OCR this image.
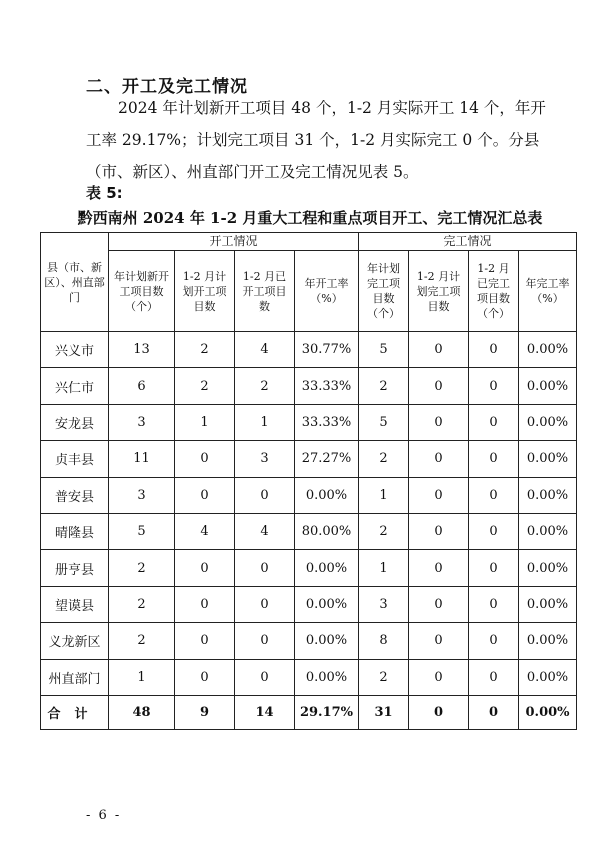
二、开工及完工情况

2024 年计划新开工项目 48 个，1-2 月实际开工 14 个，年开

工率 29.17%；计划完工项目 31 个，1-2 月实际完工 0 个。分县

（市、新区）、州直部门开工及完工情况见表 5。

表 5:
黔西南州 2024 年 1-2 月重大工程和重点项目开工、完工情况汇总表
县（市、新区）、州直部门	开工情况				完工情况			

	年计划新开工项目数（个）	1-2 月计划开工项目数	1-2 月已开工项目数	年开工率（%）	年计划完工项目数（个）	1-2 月计划完工项目数	1-2 月已完工项目数（个）	年完工率（%）

兴义市	13	2	4	30.77%	5	0	0	0.00%
兴仁市	6	2	2	33.33%	2	0	0	0.00%
安龙县	3	1	1	33.33%	5	0	0	0.00%
贞丰县	11	0	3	27.27%	2	0	0	0.00%
普安县	3	0	0	0.00%	1	0	0	0.00%
晴隆县	5	4	4	80.00%	2	0	0	0.00%
册亨县	2	0	0	0.00%	1	0	0	0.00%
望谟县	2	0	0	0.00%	3	0	0	0.00%
义龙新区	2	0	0	0.00%	8	0	0	0.00%
州直部门	1	0	0	0.00%	2	0	0	0.00%
合计	48	9	14	29.17%	31	0	0	0.00%
- 6 -
